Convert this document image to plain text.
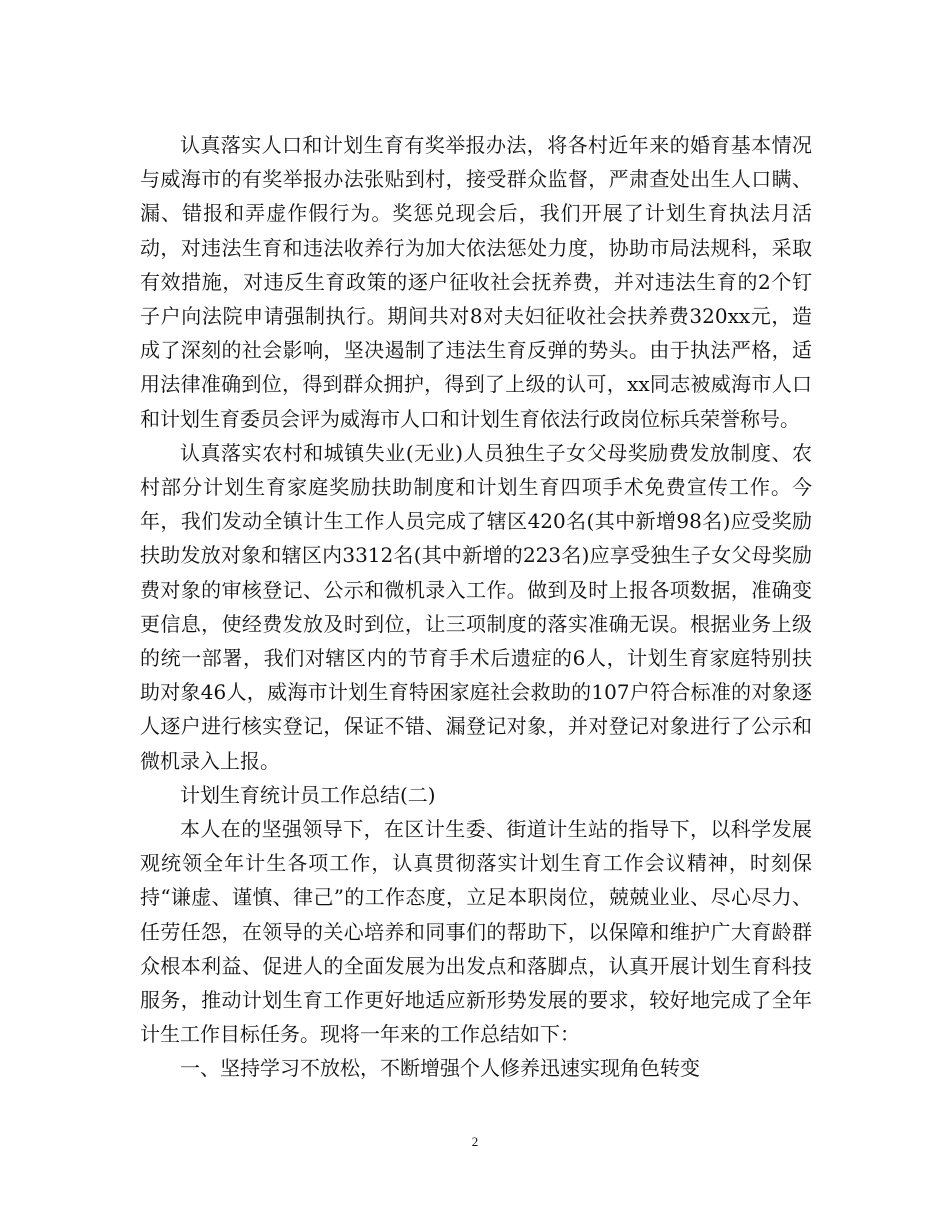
认真落实人口和计划生育有奖举报办法，将各村近年来的婚育基本情况与威海市的有奖举报办法张贴到村，接受群众监督，严肃查处出生人口瞒、漏、错报和弄虚作假行为。奖惩兑现会后，我们开展了计划生育执法月活动，对违法生育和违法收养行为加大依法惩处力度，协助市局法规科，采取有效措施，对违反生育政策的逐户征收社会抚养费，并对违法生育的2个钉子户向法院申请强制执行。期间共对8对夫妇征收社会扶养费320xx元，造成了深刻的社会影响，坚决遏制了违法生育反弹的势头。由于执法严格，适用法律准确到位，得到群众拥护，得到了上级的认可，xx同志被威海市人口和计划生育委员会评为威海市人口和计划生育依法行政岗位标兵荣誉称号。

认真落实农村和城镇失业(无业)人员独生子女父母奖励费发放制度、农村部分计划生育家庭奖励扶助制度和计划生育四项手术免费宣传工作。今年，我们发动全镇计生工作人员完成了辖区420名(其中新增98名)应受奖励扶助发放对象和辖区内3312名(其中新增的223名)应享受独生子女父母奖励费对象的审核登记、公示和微机录入工作。做到及时上报各项数据，准确变更信息，使经费发放及时到位，让三项制度的落实准确无误。根据业务上级的统一部署，我们对辖区内的节育手术后遗症的6人，计划生育家庭特别扶助对象46人，威海市计划生育特困家庭社会救助的107户符合标准的对象逐人逐户进行核实登记，保证不错、漏登记对象，并对登记对象进行了公示和微机录入上报。

计划生育统计员工作总结(二)

本人在的坚强领导下，在区计生委、街道计生站的指导下，以科学发展观统领全年计生各项工作，认真贯彻落实计划生育工作会议精神，时刻保持“谦虚、谨慎、律己”的工作态度，立足本职岗位，兢兢业业、尽心尽力、任劳任怨，在领导的关心培养和同事们的帮助下，以保障和维护广大育龄群众根本利益、促进人的全面发展为出发点和落脚点，认真开展计划生育科技服务，推动计划生育工作更好地适应新形势发展的要求，较好地完成了全年计生工作目标任务。现将一年来的工作总结如下：

一、坚持学习不放松，不断增强个人修养迅速实现角色转变

2
